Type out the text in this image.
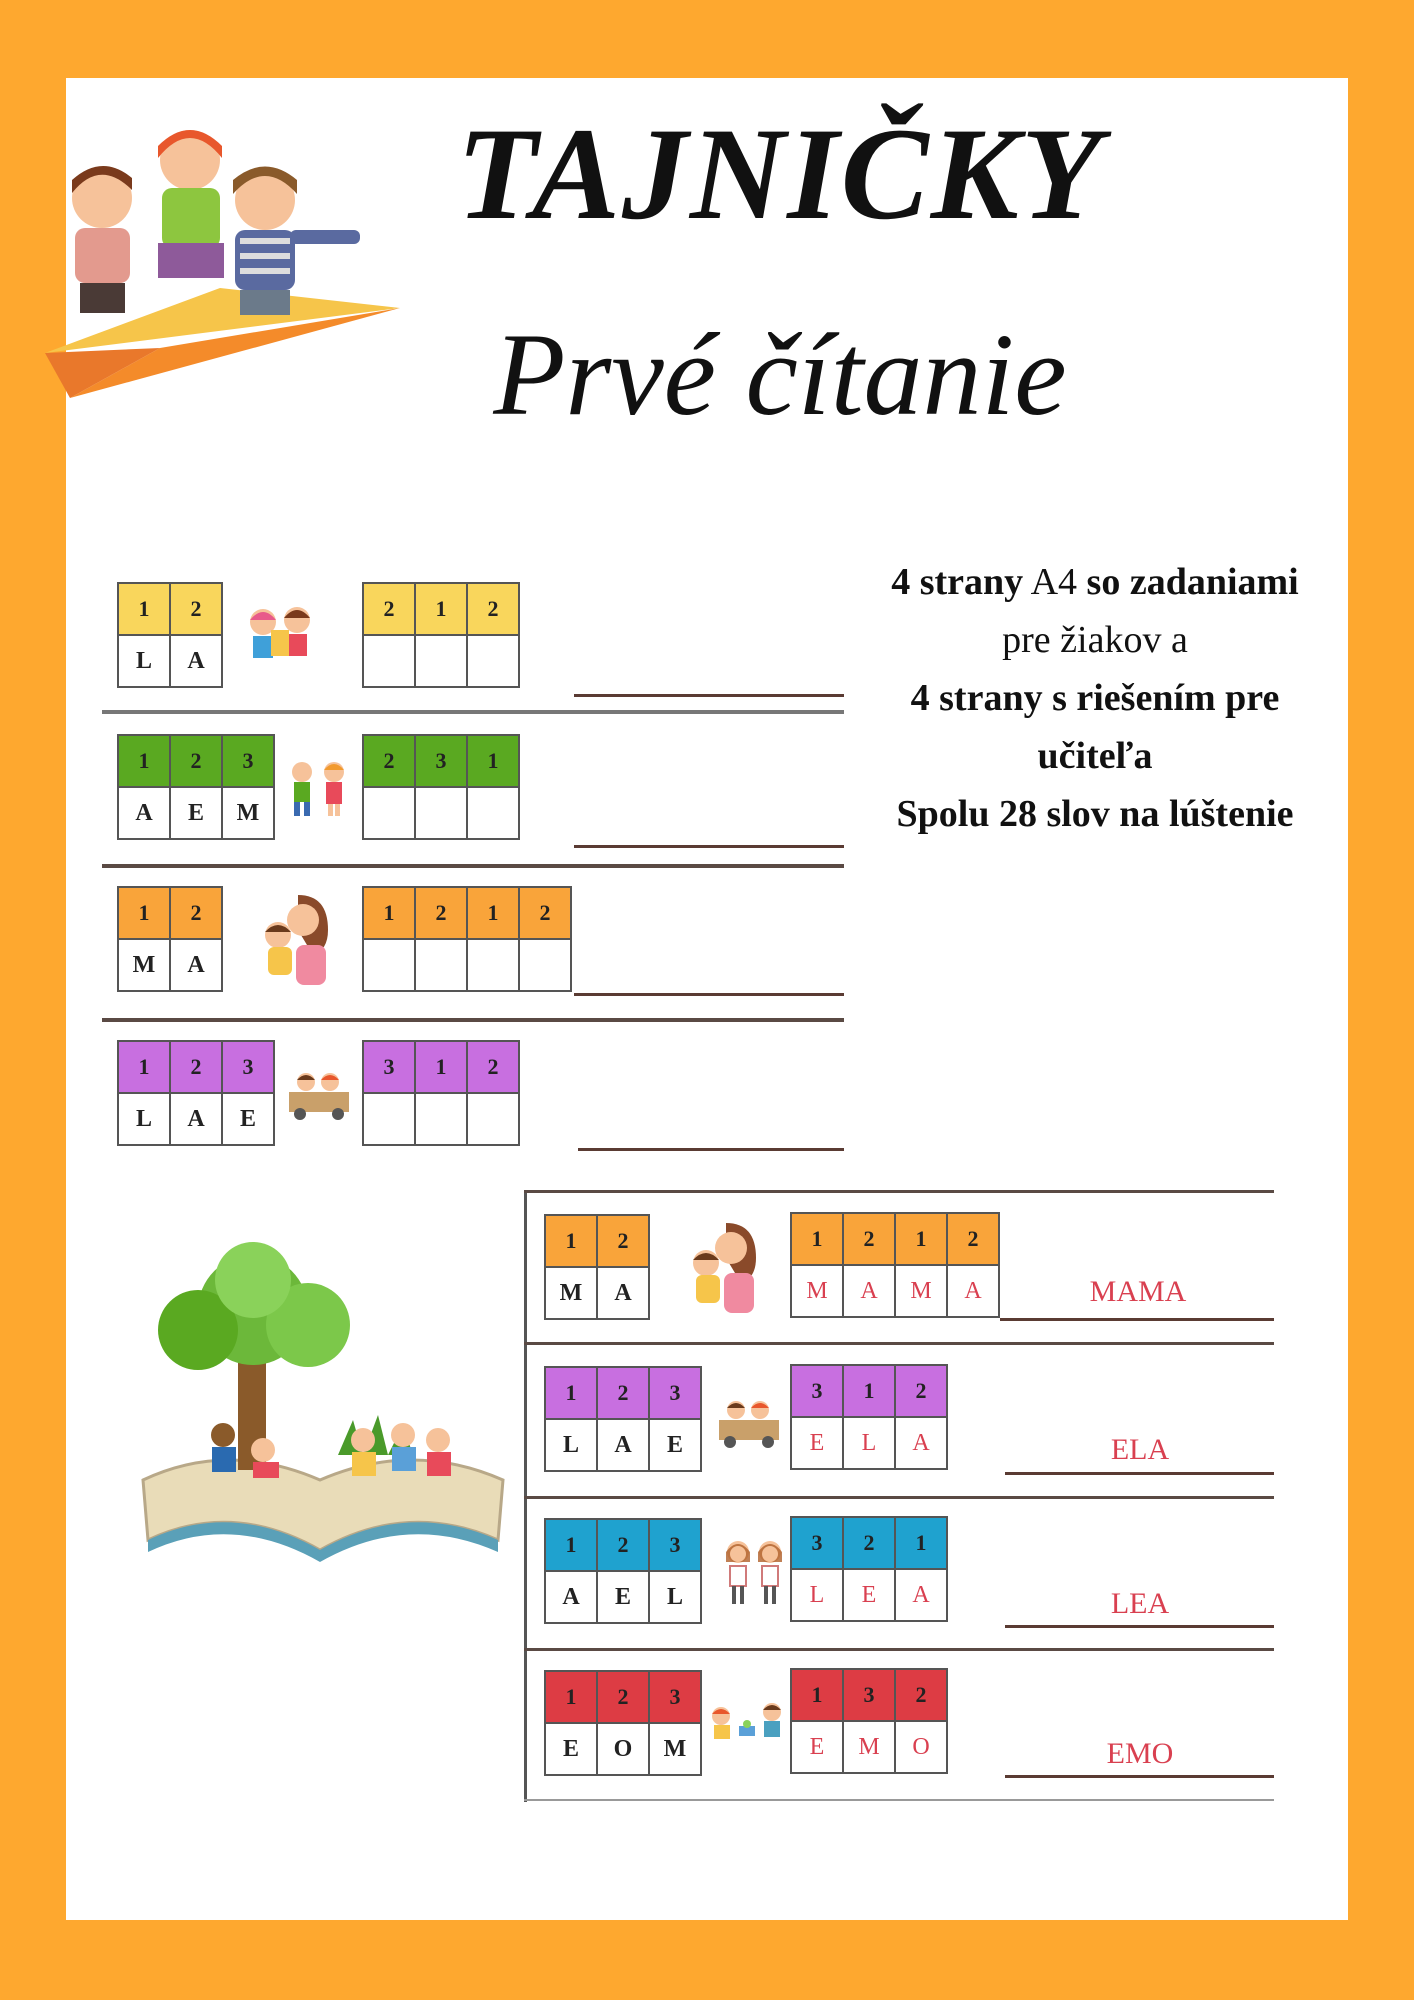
TAJNIČKY
Prvé čítanie
4 strany A4 so zadaniami
pre žiakov a
4 strany s riešením pre
učiteľa
Spolu 28 slov na lúštenie
1	2
L	A
2	1	2

1	2	3
A	E	M
2	3	1

1	2
M	A
1	2	1	2

1	2	3
L	A	E
3	1	2

1	2
M	A
1	2	1	2
M	A	M	A	MAMA
1	2	3
L	A	E
3	1	2
E	L	A	ELA
1	2	3
A	E	L
3	2	1
L	E	A	LEA
1	2	3
E	O	M
1	3	2
E	M	O	EMO
